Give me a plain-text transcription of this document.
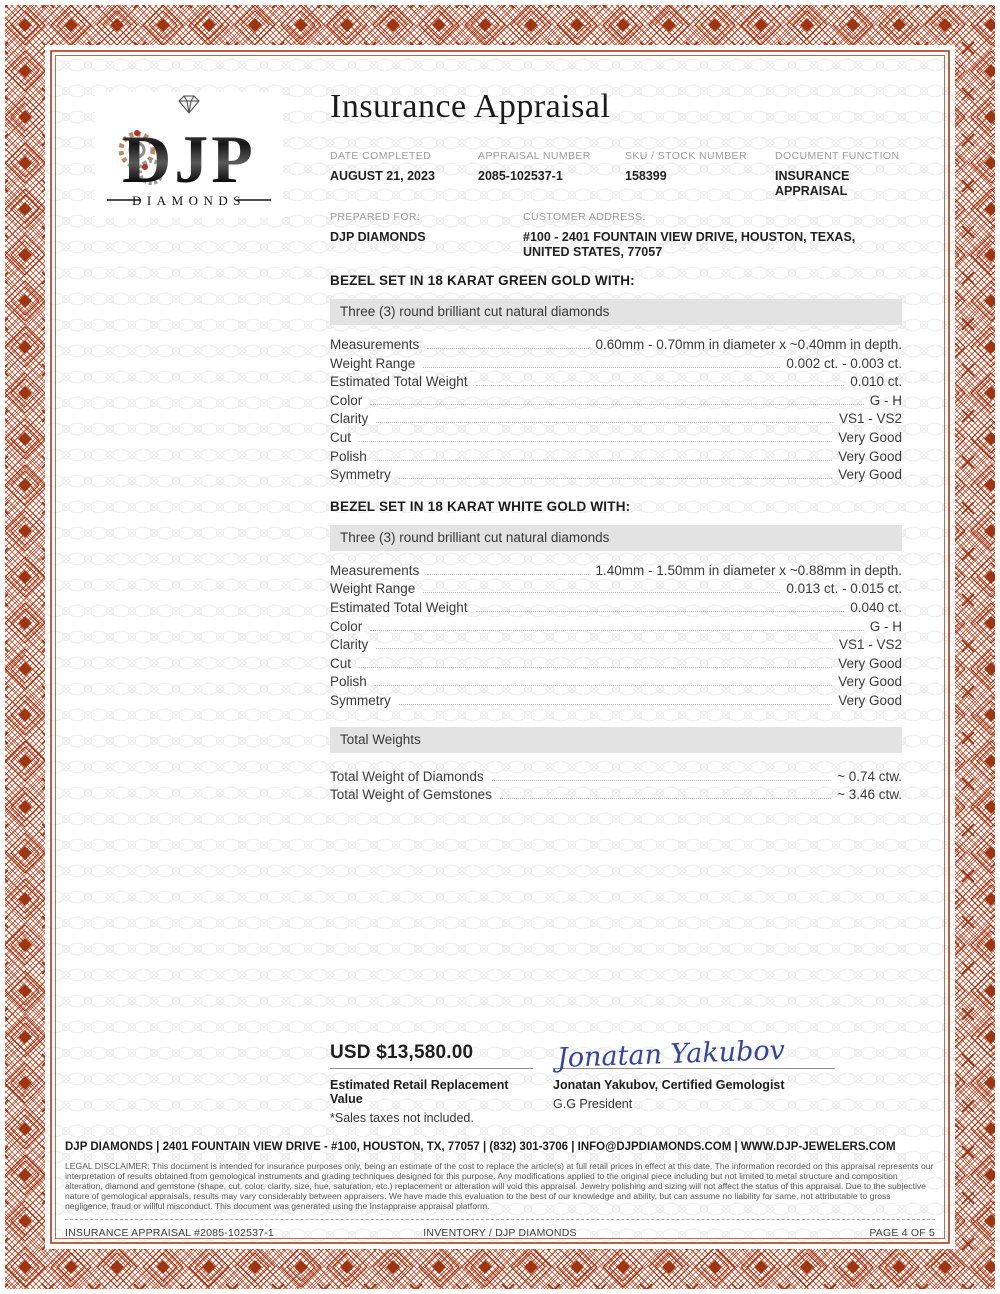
DJP
DIAMONDS
Insurance Appraisal
DATE COMPLETED
AUGUST 21, 2023
APPRAISAL NUMBER
2085-102537-1
SKU / STOCK NUMBER
158399
DOCUMENT FUNCTION
INSURANCE APPRAISAL
PREPARED FOR:
DJP DIAMONDS
CUSTOMER ADDRESS:
#100 - 2401 FOUNTAIN VIEW DRIVE, HOUSTON, TEXAS, UNITED STATES, 77057
BEZEL SET IN 18 KARAT GREEN GOLD WITH:
Three (3) round brilliant cut natural diamonds
Measurements	0.60mm - 0.70mm in diameter x ~0.40mm in depth.
Weight Range	0.002 ct. - 0.003 ct.
Estimated Total Weight	0.010 ct.
Color	G - H
Clarity	VS1 - VS2
Cut	Very Good
Polish	Very Good
Symmetry	Very Good
BEZEL SET IN 18 KARAT WHITE GOLD WITH:
Three (3) round brilliant cut natural diamonds
Measurements	1.40mm - 1.50mm in diameter x ~0.88mm in depth.
Weight Range	0.013 ct. - 0.015 ct.
Estimated Total Weight	0.040 ct.
Color	G - H
Clarity	VS1 - VS2
Cut	Very Good
Polish	Very Good
Symmetry	Very Good
Total Weights
Total Weight of Diamonds	~ 0.74 ctw.
Total Weight of Gemstones	~ 3.46 ctw.
USD $13,580.00
Estimated Retail Replacement Value
*Sales taxes not included.
Jonatan Yakubov
Jonatan Yakubov, Certified Gemologist
G.G President
DJP DIAMONDS | 2401 FOUNTAIN VIEW DRIVE - #100, HOUSTON, TX, 77057 | (832) 301-3706 | INFO@DJPDIAMONDS.COM | WWW.DJP-JEWELERS.COM
LEGAL DISCLAIMER: This document is intended for insurance purposes only, being an estimate of the cost to replace the article(s) at full retail prices in effect at this date. The information recorded on this appraisal represents our interpretation of results obtained from gemological instruments and grading techniques designed for this purpose. Any modifications applied to the original piece including but not limited to metal structure and composition alteration, diamond and gemstone (shape, cut, color, clarity, size, hue, saturation, etc.) replacement or alteration will void this appraisal. Jewelry polishing and sizing will not affect the status of this appraisal. Due to the subjective nature of gemological appraisals, results may vary considerably between appraisers. We have made this evaluation to the best of our knowledge and ability, but can assume no liability for same, not attributable to gross negligence, fraud or willful misconduct. This document was generated using the Instappraise appraisal platform.
INSURANCE APPRAISAL #2085-102537-1	INVENTORY / DJP DIAMONDS	PAGE 4 OF 5
